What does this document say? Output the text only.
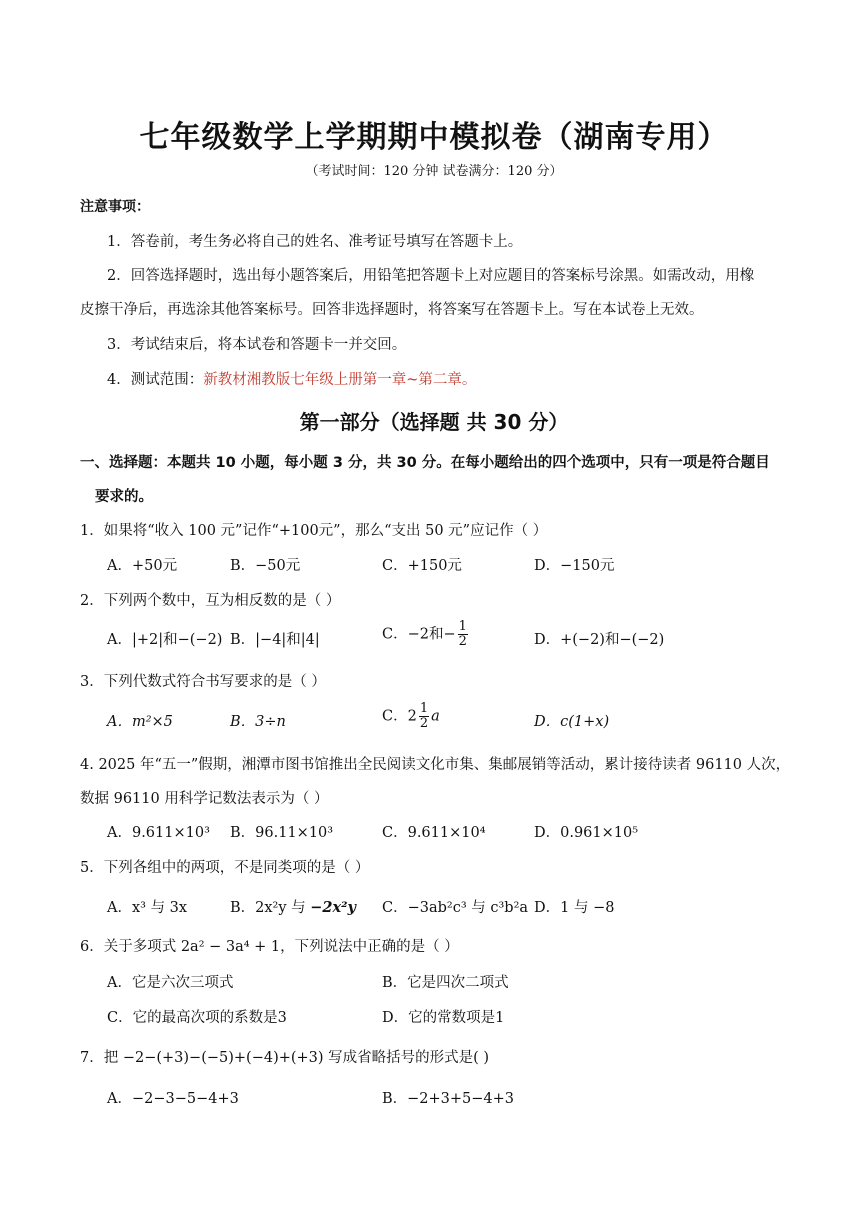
七年级数学上学期期中模拟卷（湖南专用）
（考试时间：120 分钟 试卷满分：120 分）
注意事项：
1．答卷前，考生务必将自己的姓名、准考证号填写在答题卡上。
2．回答选择题时，选出每小题答案后，用铅笔把答题卡上对应题目的答案标号涂黑。如需改动，用橡
皮擦干净后，再选涂其他答案标号。回答非选择题时，将答案写在答题卡上。写在本试卷上无效。
3．考试结束后，将本试卷和答题卡一并交回。
4．测试范围：新教材湘教版七年级上册第一章~第二章。
第一部分（选择题 共 30 分）
一、选择题：本题共 10 小题，每小题 3 分，共 30 分。在每小题给出的四个选项中，只有一项是符合题目
要求的。
1．如果将“收入 100 元”记作“+100元”，那么“支出 50 元”应记作（ ）
A．+50元	B．−50元	C．+150元	D．−150元
2．下列两个数中，互为相反数的是（ ）
A．|+2|和−(−2) B．|−4|和|4|	C．−2和− $\frac{1}{2}$	D．+(−2)和−(−2)
3．下列代数式符合书写要求的是（ ）
A．m²×5	B．3÷n	C．$2 \frac{1}{2}$ a	D．c(1+x)
4. 2025 年“五一”假期，湘潭市图书馆推出全民阅读文化市集、集邮展销等活动，累计接待读者 96110 人次，
数据 96110 用科学记数法表示为（ ）
A．9.611×10³ B．96.11×10³	C．9.611×10⁴	D．0.961×10⁵
5．下列各组中的两项，不是同类项的是（ ）
A．x³ 与 3x	B．2x²y 与 −2x²y C．−3ab²c³ 与 c³b²a D．1 与 −8
6．关于多项式 2a² − 3a⁴ + 1，下列说法中正确的是（ ）
A．它是六次三项式	B．它是四次二项式
C．它的最高次项的系数是3	D．它的常数项是1
7．把 −2−(+3)−(−5)+(−4)+(+3) 写成省略括号的形式是( )
A．−2−3−5−4+3	B．−2+3+5−4+3
